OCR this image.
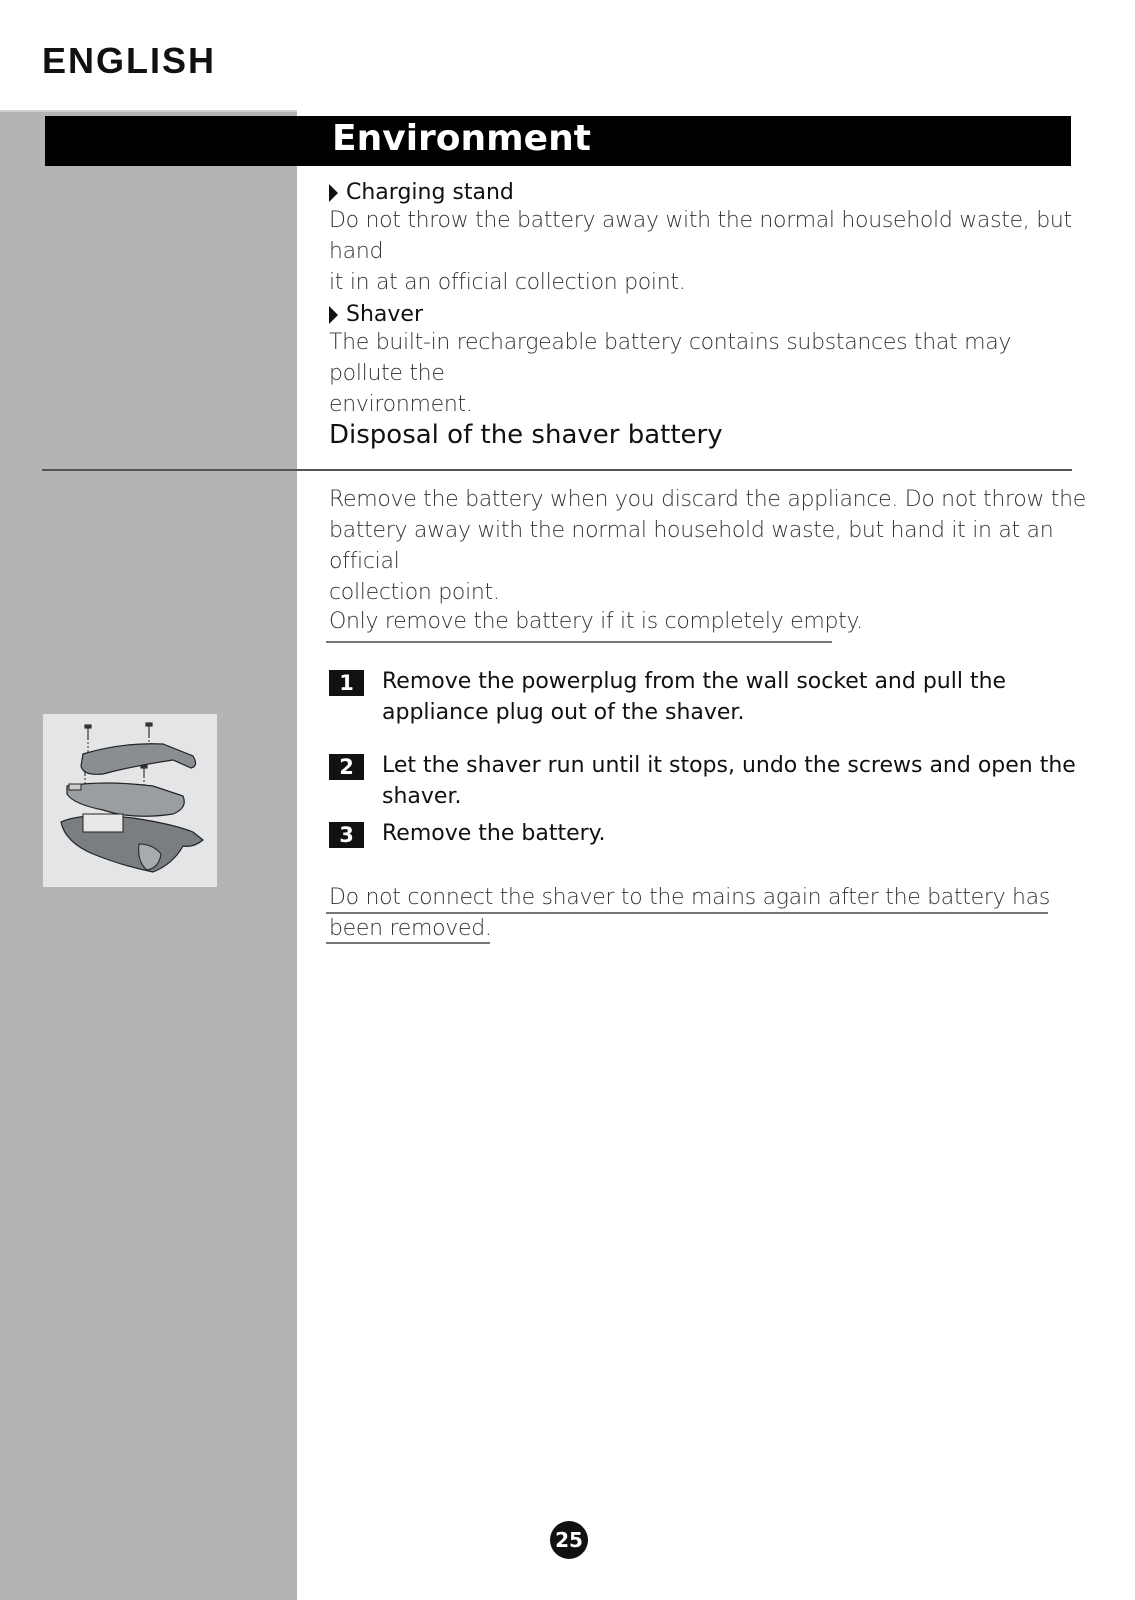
ENGLISH
Environment
Charging stand
Do not throw the battery away with the normal household waste, but hand
it in at an official collection point.
Shaver
The built-in rechargeable battery contains substances that may pollute the
environment.
Disposal of the shaver battery
Remove the battery when you discard the appliance. Do not throw the
battery away with the normal household waste, but hand it in at an official
collection point.
Only remove the battery if it is completely empty.
1	Remove the powerplug from the wall socket and pull the
appliance plug out of the shaver.
2	Let the shaver run until it stops, undo the screws and open the
shaver.
3	Remove the battery.
Do not connect the shaver to the mains again after the battery has
been removed.
25
